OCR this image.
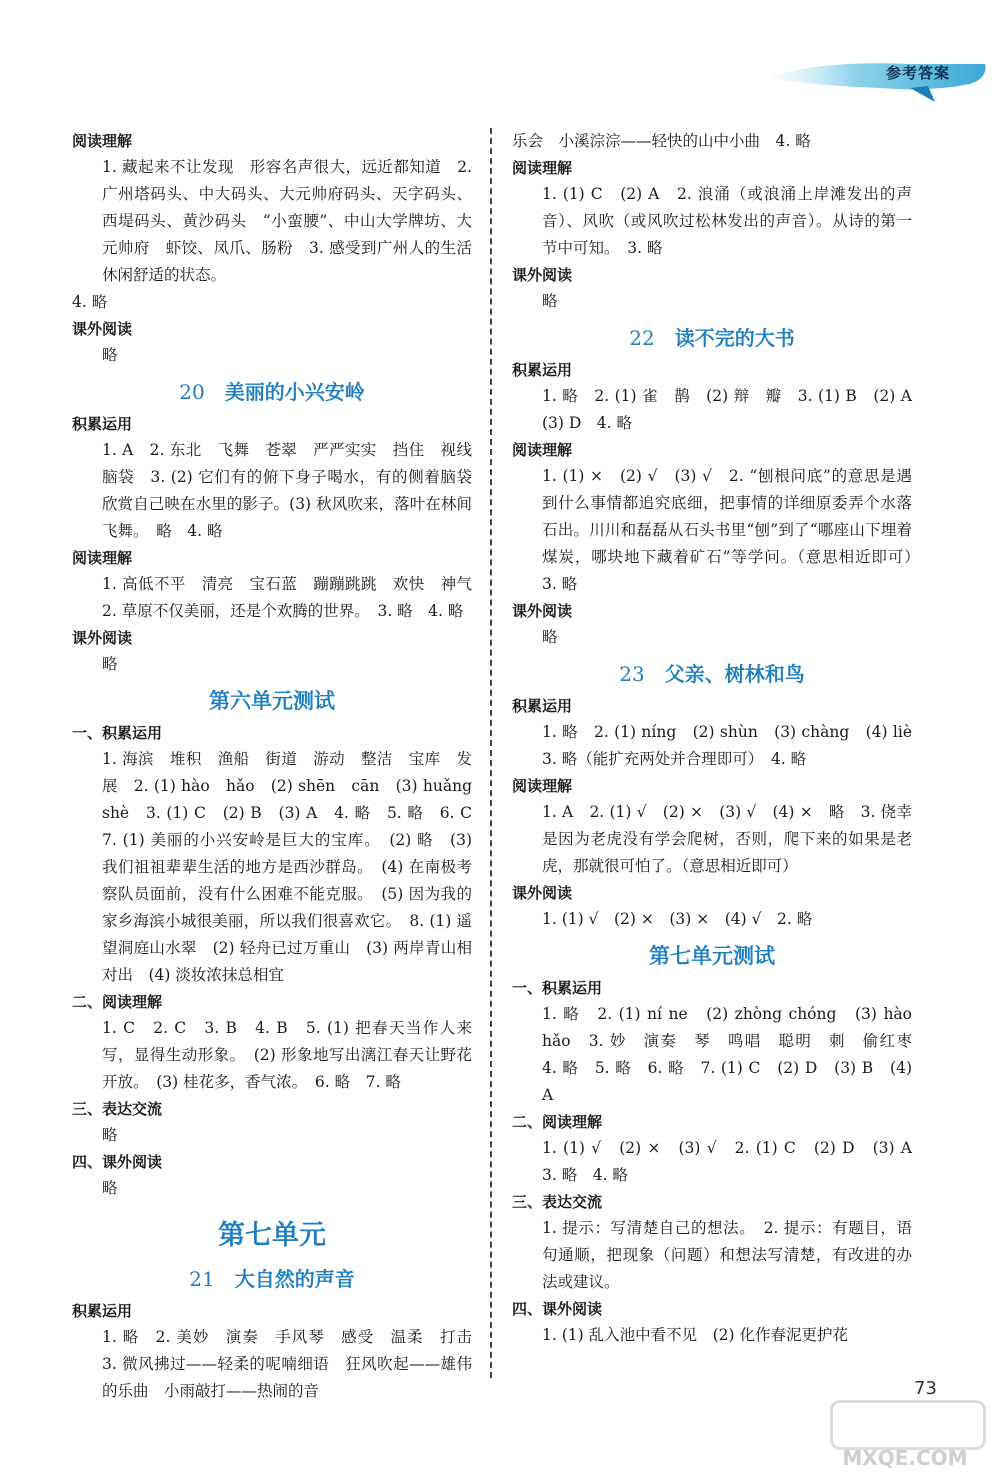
参考答案
阅读理解
1. 藏起来不让发现　形容名声很大，远近都知道　2. 广州塔码头、中大码头、大元帅府码头、天字码头、西堤码头、黄沙码头　“小蛮腰”、中山大学牌坊、大元帅府　虾饺、凤爪、肠粉　3. 感受到广州人的生活休闲舒适的状态。
4. 略
课外阅读
略
20 美丽的小兴安岭
积累运用
1. A　2. 东北　飞舞　苍翠　严严实实　挡住　视线　脑袋　3. (2) 它们有的俯下身子喝水，有的侧着脑袋欣赏自己映在水里的影子。(3) 秋风吹来，落叶在林间飞舞。　略　4. 略
阅读理解
1. 高低不平　清亮　宝石蓝　蹦蹦跳跳　欢快　神气　2. 草原不仅美丽，还是个欢腾的世界。　3. 略　4. 略
课外阅读
略
第六单元测试
一、积累运用
1. 海滨　堆积　渔船　街道　游动　整洁　宝库　发展　2. (1) hào　hǎo　(2) shēn　cān　(3) huǎng　shè　3. (1) C　(2) B　(3) A　4. 略　5. 略　6. C　7. (1) 美丽的小兴安岭是巨大的宝库。　(2) 略　(3) 我们祖祖辈辈生活的地方是西沙群岛。　(4) 在南极考察队员面前，没有什么困难不能克服。　(5) 因为我的家乡海滨小城很美丽，所以我们很喜欢它。　8. (1) 遥望洞庭山水翠　(2) 轻舟已过万重山　(3) 两岸青山相对出　(4) 淡妆浓抹总相宜
二、阅读理解
1. C　2. C　3. B　4. B　5. (1) 把春天当作人来写，显得生动形象。　(2) 形象地写出漓江春天让野花开放。　(3) 桂花多，香气浓。　6. 略　7. 略
三、表达交流
略
四、课外阅读
略
第七单元
21 大自然的声音
积累运用
1. 略　2. 美妙　演奏　手风琴　感受　温柔　打击　3. 微风拂过——轻柔的呢喃细语　狂风吹起——雄伟的乐曲　小雨敲打——热闹的音
乐会　小溪淙淙——轻快的山中小曲　4. 略
阅读理解
1. (1) C　(2) A　2. 浪涌（或浪涌上岸滩发出的声音）、风吹（或风吹过松林发出的声音）。从诗的第一节中可知。　3. 略
课外阅读
略
22 读不完的大书
积累运用
1. 略　2. (1) 雀　鹊　(2) 辩　瓣　3. (1) B　(2) A　(3) D　4. 略
阅读理解
1. (1) ×　(2) √　(3) √　2. “刨根问底”的意思是遇到什么事情都追究底细，把事情的详细原委弄个水落石出。川川和磊磊从石头书里“刨”到了“哪座山下埋着煤炭，哪块地下藏着矿石”等学问。（意思相近即可）　3. 略
课外阅读
略
23 父亲、树林和鸟
积累运用
1. 略　2. (1) níng　(2) shùn　(3) chàng　(4) liè　3. 略（能扩充两处并合理即可）　4. 略
阅读理解
1. A　2. (1) √　(2) ×　(3) √　(4) ×　略　3. 侥幸是因为老虎没有学会爬树，否则，爬下来的如果是老虎，那就很可怕了。（意思相近即可）
课外阅读
1. (1) √　(2) ×　(3) ×　(4) √　2. 略
第七单元测试
一、积累运用
1. 略　2. (1) ní ne　(2) zhòng chóng　(3) hào hǎo　3. 妙　演奏　琴　鸣唱　聪明　刺　偷红枣　4. 略　5. 略　6. 略　7. (1) C　(2) D　(3) B　(4) A
二、阅读理解
1. (1) √　(2) ×　(3) √　2. (1) C　(2) D　(3) A　3. 略　4. 略
三、表达交流
1. 提示：写清楚自己的想法。　2. 提示：有题目，语句通顺，把现象（问题）和想法写清楚，有改进的办法或建议。
四、课外阅读
1. (1) 乱入池中看不见　(2) 化作春泥更护花
73
MXQE.COM
